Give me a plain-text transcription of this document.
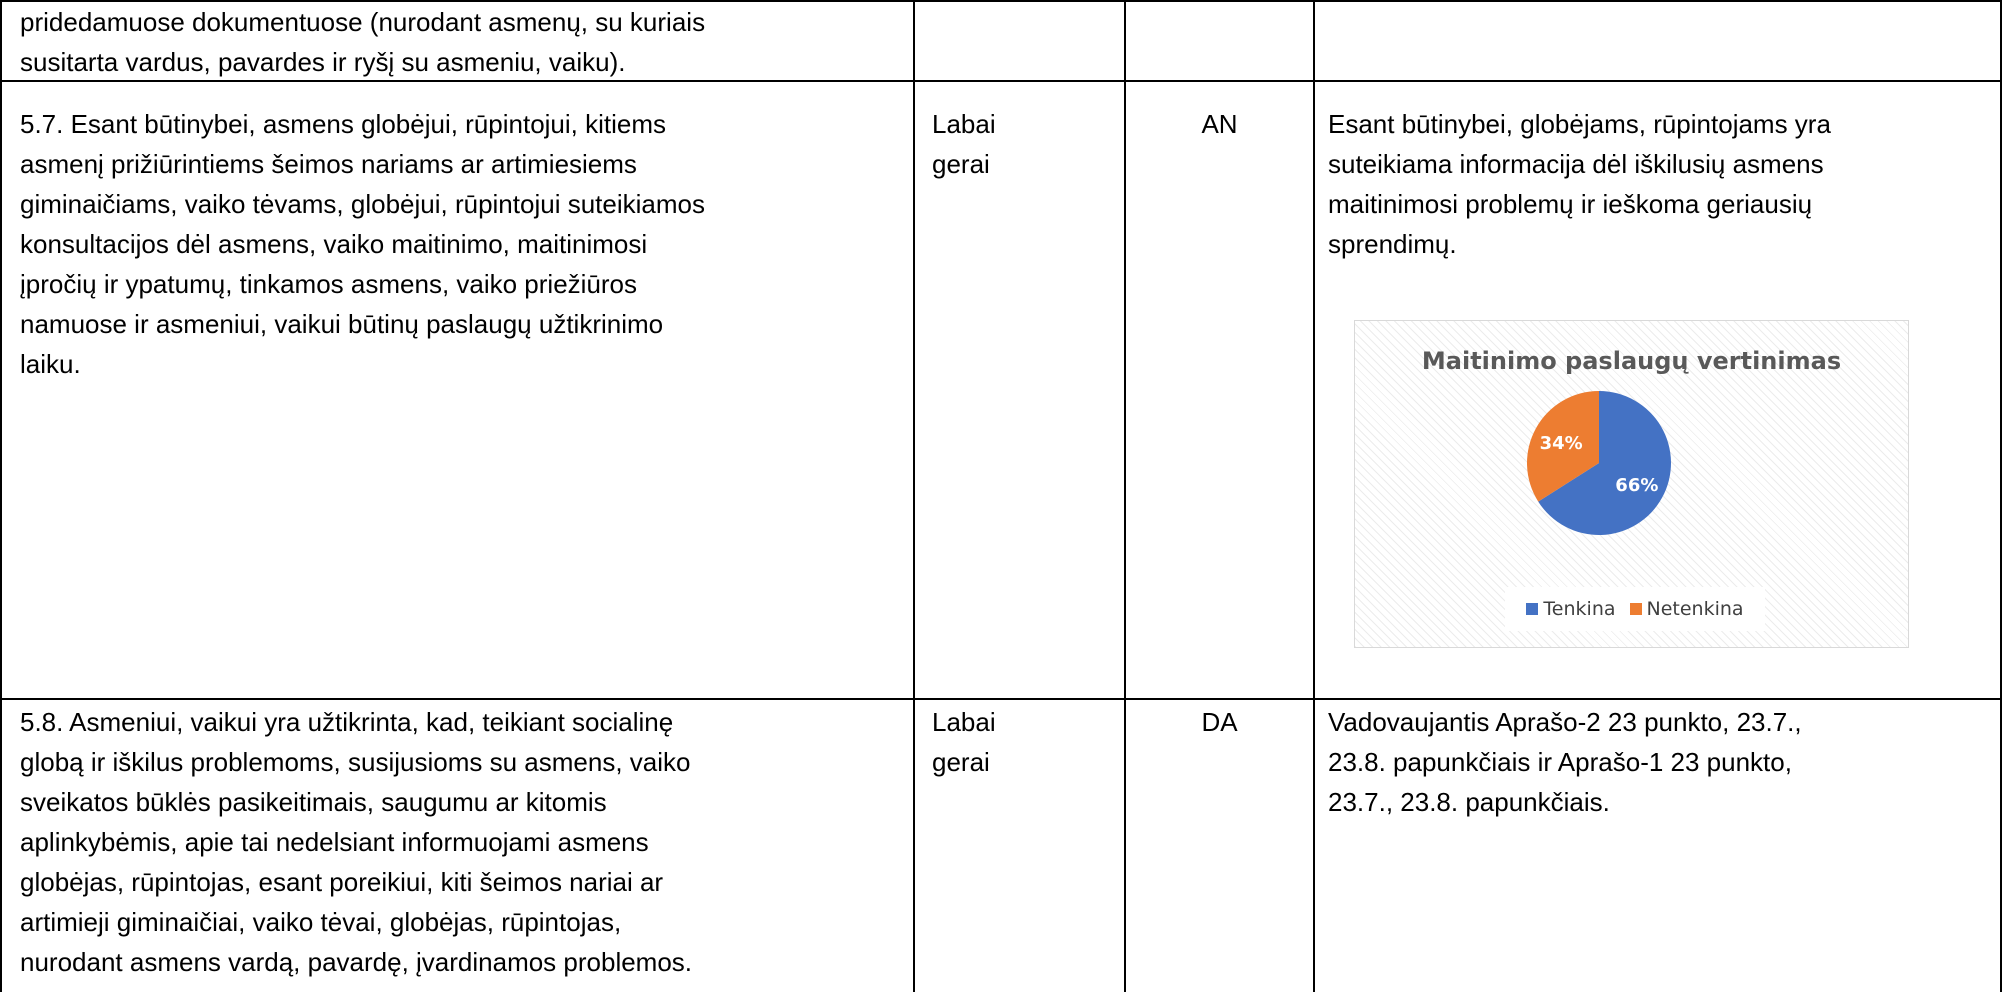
pridedamuose dokumentuose (nurodant asmenų, su kuriais
susitarta vardus, pavardes ir ryšį su asmeniu, vaiku).
5.7. Esant būtinybei, asmens globėjui, rūpintojui, kitiems
asmenį prižiūrintiems šeimos nariams ar artimiesiems
giminaičiams, vaiko tėvams, globėjui, rūpintojui suteikiamos
konsultacijos dėl asmens, vaiko maitinimo, maitinimosi
įpročių ir ypatumų, tinkamos asmens, vaiko priežiūros
namuose ir asmeniui, vaikui būtinų paslaugų užtikrinimo
laiku.
Labai
gerai
AN	Esant būtinybei, globėjams, rūpintojams yra
suteikiama informacija dėl iškilusių asmens
maitinimosi problemų ir ieškoma geriausių
sprendimų.
Maitinimo paslaugų vertinimas
66%
34%
Tenkina Netenkina
5.8. Asmeniui, vaikui yra užtikrinta, kad, teikiant socialinę
globą ir iškilus problemoms, susijusioms su asmens, vaiko
sveikatos būklės pasikeitimais, saugumu ar kitomis
aplinkybėmis, apie tai nedelsiant informuojami asmens
globėjas, rūpintojas, esant poreikiui, kiti šeimos nariai ar
artimieji giminaičiai, vaiko tėvai, globėjas, rūpintojas,
nurodant asmens vardą, pavardę, įvardinamos problemos.
Labai
gerai
DA	Vadovaujantis Aprašo-2 23 punkto, 23.7.,
23.8. papunkčiais ir Aprašo-1 23 punkto,
23.7., 23.8. papunkčiais.
